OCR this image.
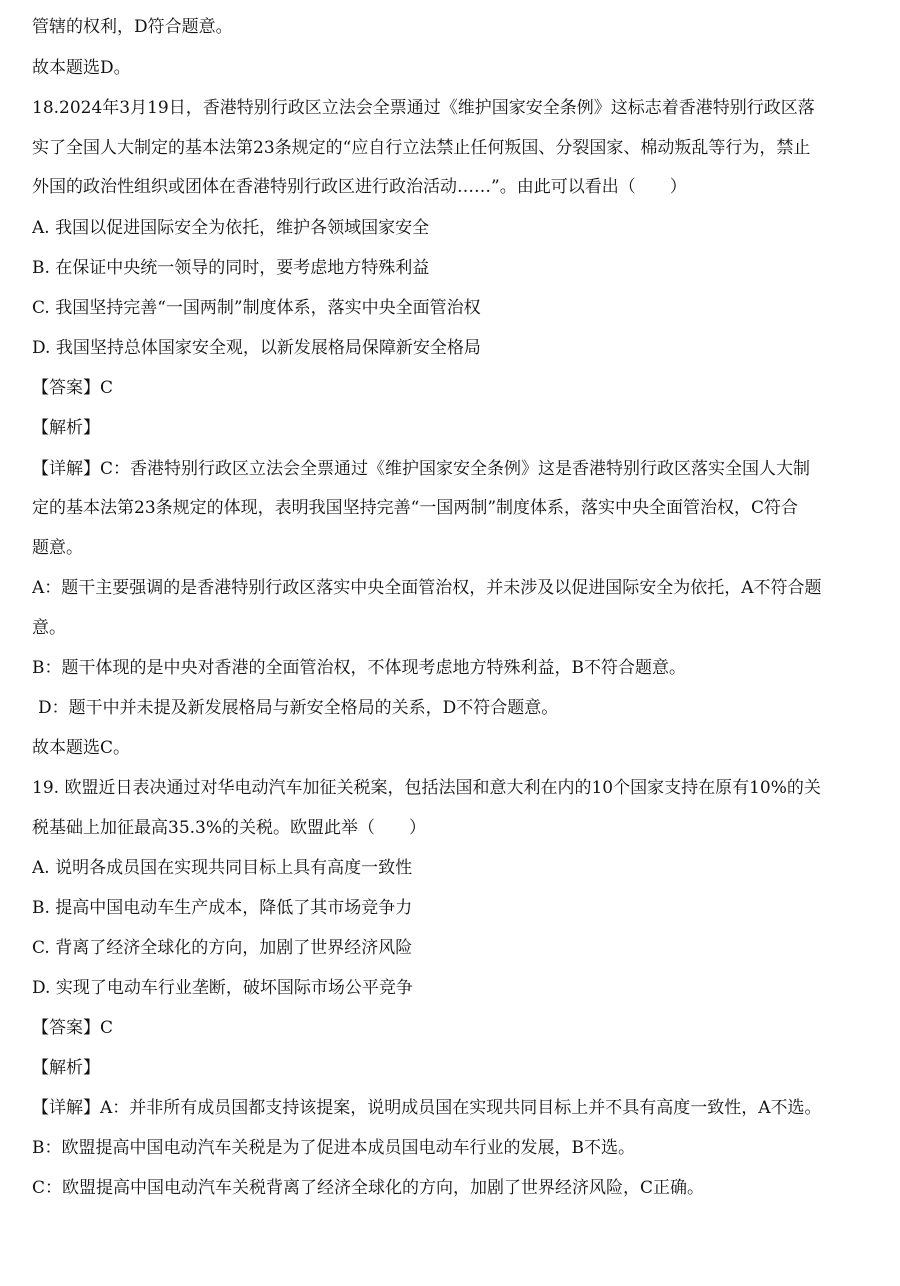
管辖的权利，D符合题意。
故本题选D。
18.2024年3月19日，香港特别行政区立法会全票通过《维护国家安全条例》这标志着香港特别行政区落
实了全国人大制定的基本法第23条规定的“应自行立法禁止任何叛国、分裂国家、棉动叛乱等行为，禁止
外国的政治性组织或团体在香港特别行政区进行政治活动……”。由此可以看出（　　）
A. 我国以促进国际安全为依托，维护各领域国家安全
B. 在保证中央统一领导的同时，要考虑地方特殊利益
C. 我国坚持完善“一国两制”制度体系，落实中央全面管治权
D. 我国坚持总体国家安全观，以新发展格局保障新安全格局
【答案】C
【解析】
【详解】C：香港特别行政区立法会全票通过《维护国家安全条例》这是香港特别行政区落实全国人大制
定的基本法第23条规定的体现，表明我国坚持完善“一国两制”制度体系，落实中央全面管治权，C符合
题意。
A：题干主要强调的是香港特别行政区落实中央全面管治权，并未涉及以促进国际安全为依托，A不符合题
意。
B：题干体现的是中央对香港的全面管治权，不体现考虑地方特殊利益，B不符合题意。
D：题干中并未提及新发展格局与新安全格局的关系，D不符合题意。
故本题选C。
19. 欧盟近日表决通过对华电动汽车加征关税案，包括法国和意大利在内的10个国家支持在原有10%的关
税基础上加征最高35.3%的关税。欧盟此举（　　）
A. 说明各成员国在实现共同目标上具有高度一致性
B. 提高中国电动车生产成本，降低了其市场竞争力
C. 背离了经济全球化的方向，加剧了世界经济风险
D. 实现了电动车行业垄断，破坏国际市场公平竞争
【答案】C
【解析】
【详解】A：并非所有成员国都支持该提案，说明成员国在实现共同目标上并不具有高度一致性，A不选。
B：欧盟提高中国电动汽车关税是为了促进本成员国电动车行业的发展，B不选。
C：欧盟提高中国电动汽车关税背离了经济全球化的方向，加剧了世界经济风险，C正确。
